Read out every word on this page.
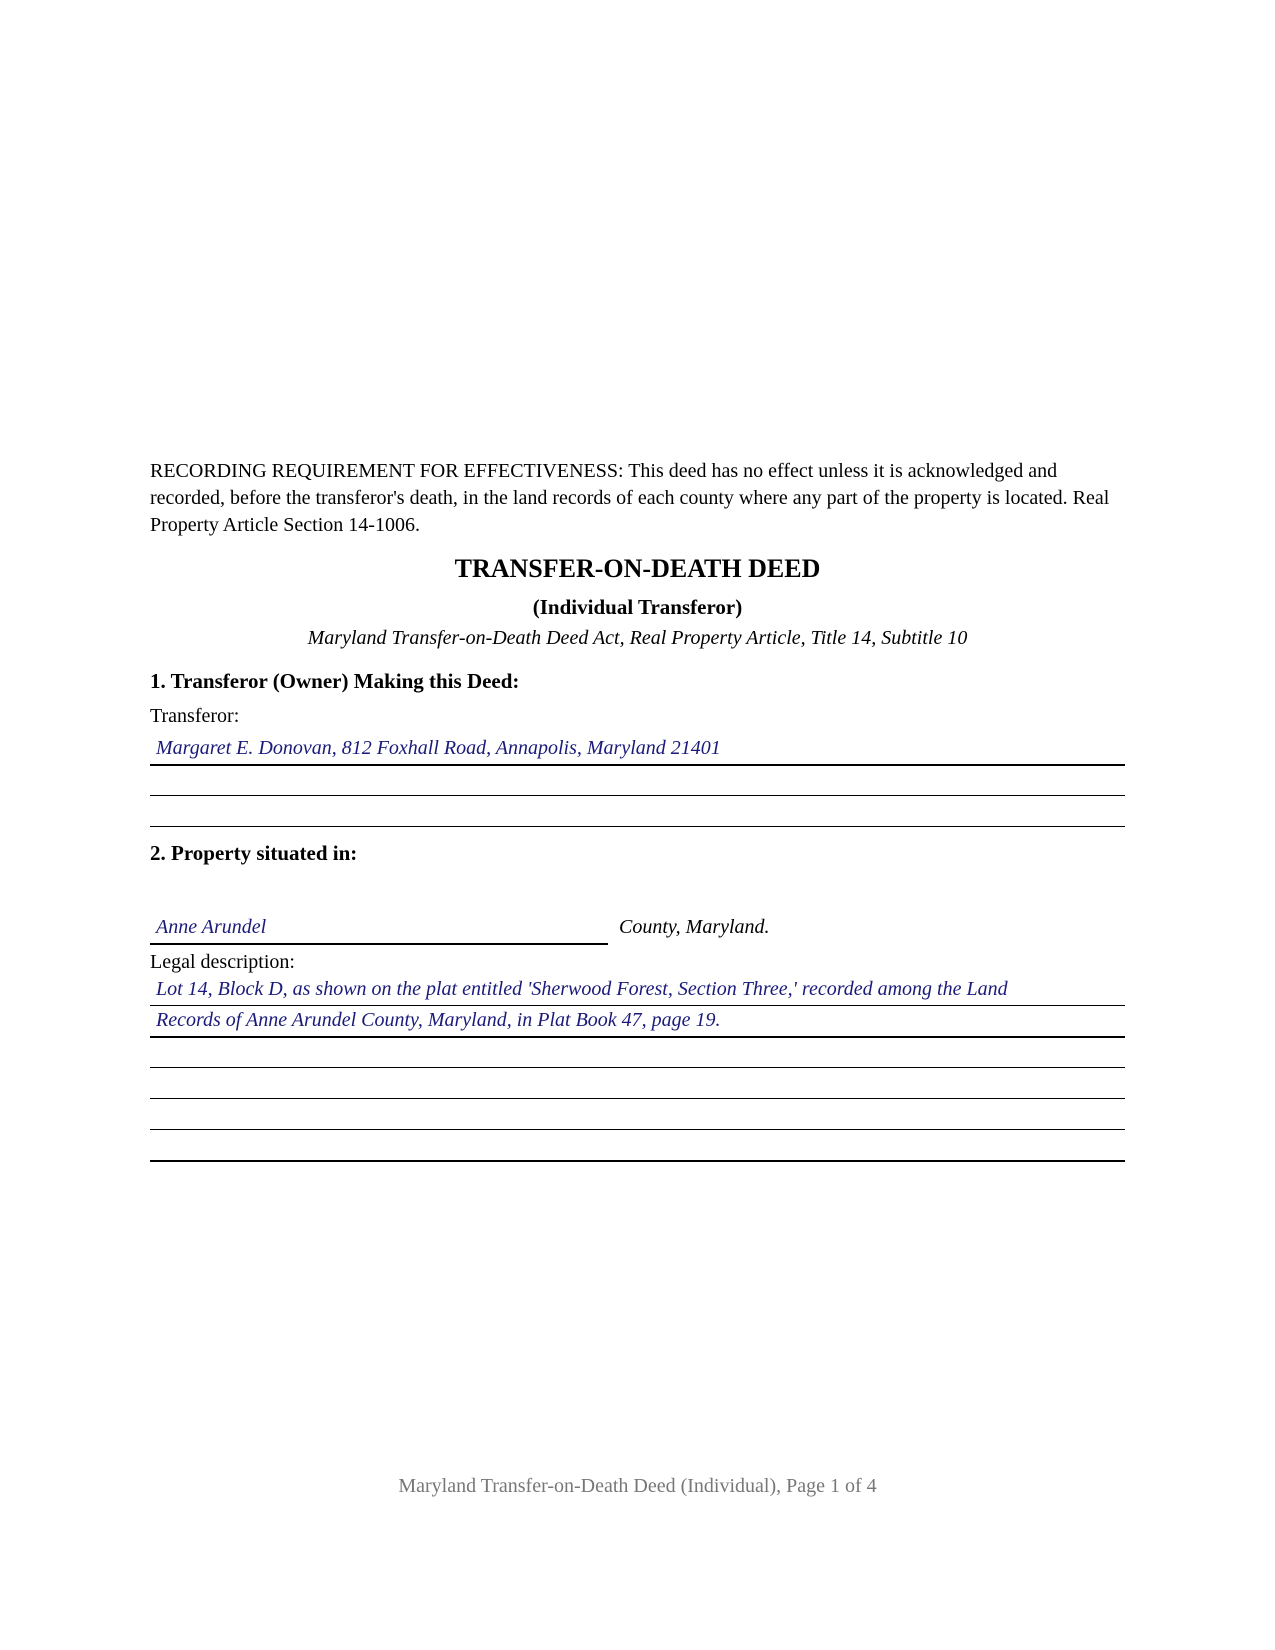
RECORDING REQUIREMENT FOR EFFECTIVENESS: This deed has no effect unless it is acknowledged and recorded, before the transferor's death, in the land records of each county where any part of the property is located. Real Property Article Section 14-1006.

TRANSFER-ON-DEATH DEED
(Individual Transferor)
Maryland Transfer-on-Death Deed Act, Real Property Article, Title 14, Subtitle 10
1. Transferor (Owner) Making this Deed:
Transferor:
Margaret E. Donovan, 812 Foxhall Road, Annapolis, Maryland 21401
2. Property situated in:
Anne Arundel	County, Maryland.
Legal description:
Lot 14, Block D, as shown on the plat entitled 'Sherwood Forest, Section Three,' recorded among the Land
Records of Anne Arundel County, Maryland, in Plat Book 47, page 19.
Maryland Transfer-on-Death Deed (Individual), Page 1 of 4
